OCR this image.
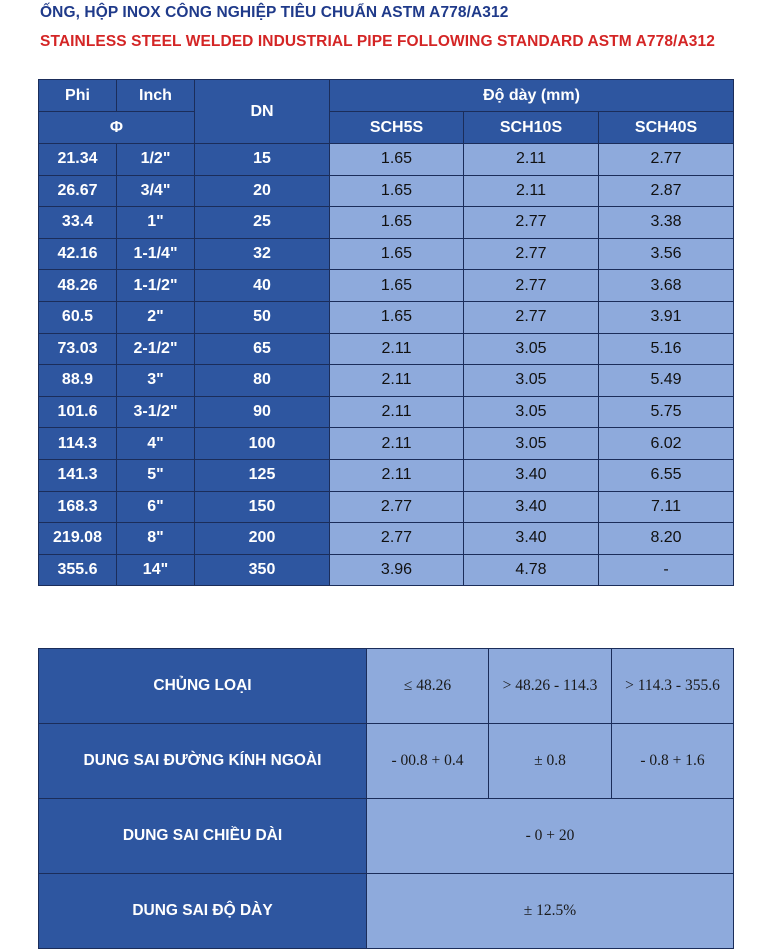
ỐNG, HỘP INOX CÔNG NGHIỆP TIÊU CHUẨN ASTM A778/A312
STAINLESS STEEL WELDED INDUSTRIAL PIPE FOLLOWING STANDARD ASTM A778/A312
Phi	Inch	DN	Độ dày (mm)		
Φ			SCH5S	SCH10S	SCH40S
21.34	1/2"	15	1.65	2.11	2.77
26.67	3/4"	20	1.65	2.11	2.87
33.4	1"	25	1.65	2.77	3.38
42.16	1-1/4"	32	1.65	2.77	3.56
48.26	1-1/2"	40	1.65	2.77	3.68
60.5	2"	50	1.65	2.77	3.91
73.03	2-1/2"	65	2.11	3.05	5.16
88.9	3"	80	2.11	3.05	5.49
101.6	3-1/2"	90	2.11	3.05	5.75
114.3	4"	100	2.11	3.05	6.02
141.3	5"	125	2.11	3.40	6.55
168.3	6"	150	2.77	3.40	7.11
219.08	8"	200	2.77	3.40	8.20
355.6	14"	350	3.96	4.78	-
CHỦNG LOẠI	≤ 48.26	> 48.26 - 114.3	> 114.3 - 355.6
DUNG SAI ĐƯỜNG KÍNH NGOÀI	- 00.8 + 0.4	± 0.8	- 0.8 + 1.6
DUNG SAI CHIỀU DÀI	- 0 + 20		
DUNG SAI ĐỘ DÀY	± 12.5%		
